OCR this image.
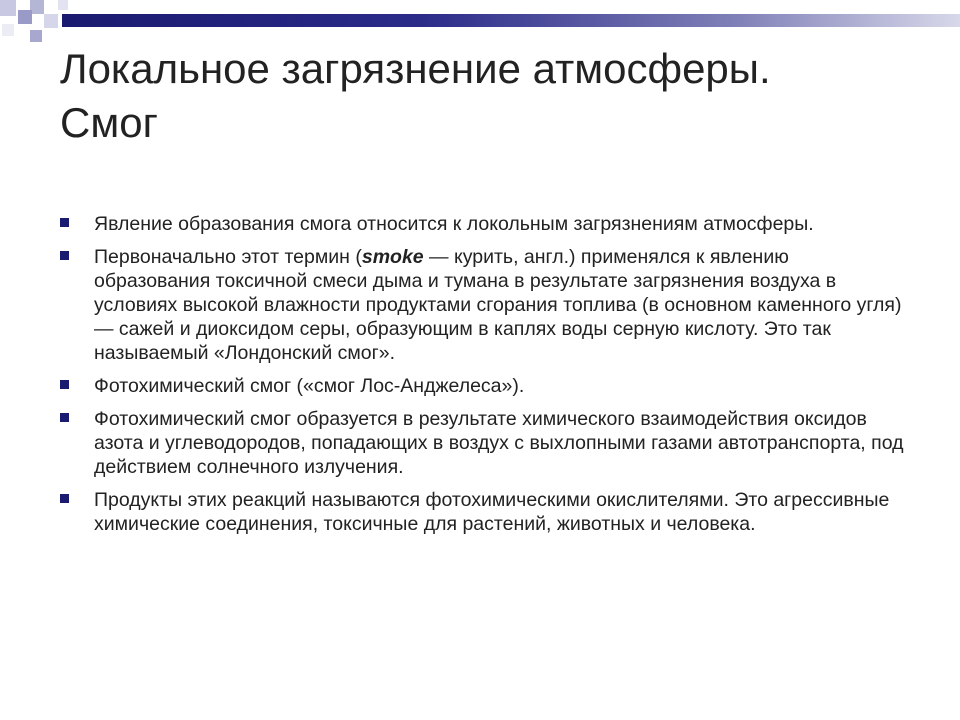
Локальное загрязнение атмосферы.
Смог
Явление образования смога относится к локольным загрязнениям атмосферы.
Первоначально этот термин (smoke — курить, англ.) применялся к явлению образования токсичной смеси дыма и тумана в результате загрязнения воздуха в условиях высокой влажности продуктами сгорания топлива (в основном каменного угля) — сажей и диоксидом серы, образующим в каплях воды серную кислоту. Это так называемый «Лондонский смог».
Фотохимический смог («смог Лос-Анджелеса»).
Фотохимический смог образуется в результате химического взаимодействия оксидов азота и углеводородов, попадающих в воздух с выхлопными газами автотранспорта, под действием солнечного излучения.
Продукты этих реакций называются фотохимическими окислителями. Это агрессивные химические соединения, токсичные для растений, животных и человека.
